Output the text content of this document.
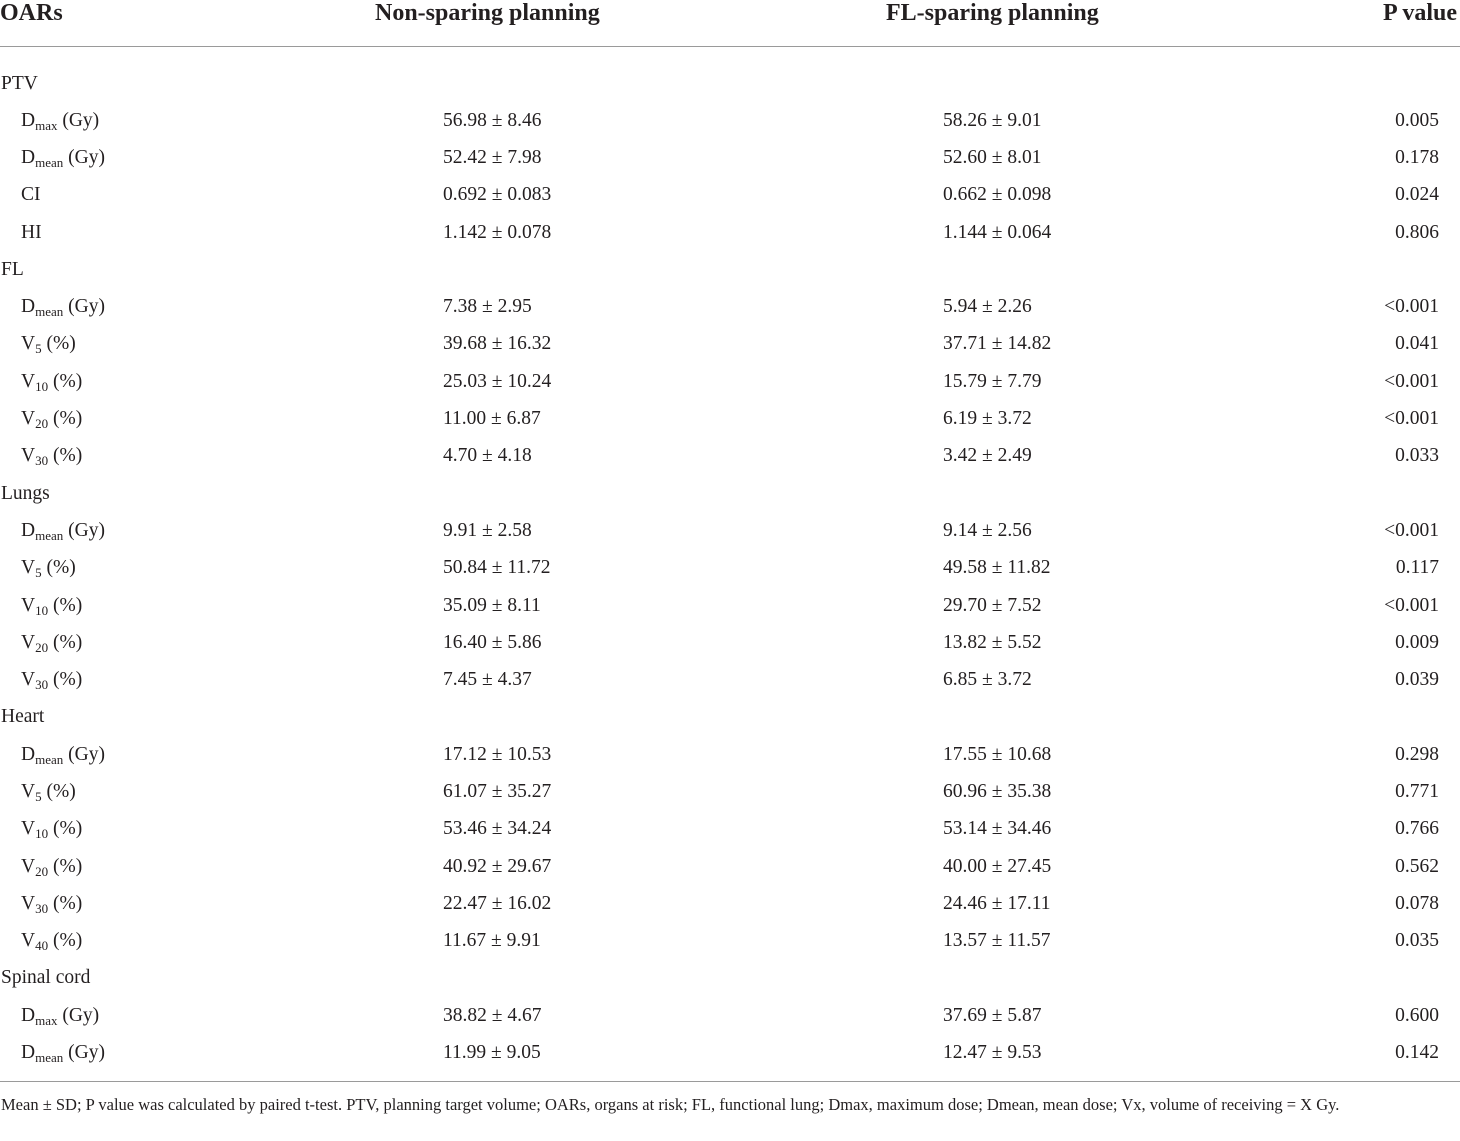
OARs	Non-sparing planning	FL-sparing planning	P value
PTV			
$D_{max}$ (Gy)	56.98 ± 8.46	58.26 ± 9.01	0.005
$D_{mean}$ (Gy)	52.42 ± 7.98	52.60 ± 8.01	0.178
CI	0.692 ± 0.083	0.662 ± 0.098	0.024
HI	1.142 ± 0.078	1.144 ± 0.064	0.806
FL			
$D_{mean}$ (Gy)	7.38 ± 2.95	5.94 ± 2.26	<0.001
$V_5$ (%)	39.68 ± 16.32	37.71 ± 14.82	0.041
$V_{10}$ (%)	25.03 ± 10.24	15.79 ± 7.79	<0.001
$V_{20}$ (%)	11.00 ± 6.87	6.19 ± 3.72	<0.001
$V_{30}$ (%)	4.70 ± 4.18	3.42 ± 2.49	0.033
Lungs			
$D_{mean}$ (Gy)	9.91 ± 2.58	9.14 ± 2.56	<0.001
$V_5$ (%)	50.84 ± 11.72	49.58 ± 11.82	0.117
$V_{10}$ (%)	35.09 ± 8.11	29.70 ± 7.52	<0.001
$V_{20}$ (%)	16.40 ± 5.86	13.82 ± 5.52	0.009
$V_{30}$ (%)	7.45 ± 4.37	6.85 ± 3.72	0.039
Heart			
$D_{mean}$ (Gy)	17.12 ± 10.53	17.55 ± 10.68	0.298
$V_5$ (%)	61.07 ± 35.27	60.96 ± 35.38	0.771
$V_{10}$ (%)	53.46 ± 34.24	53.14 ± 34.46	0.766
$V_{20}$ (%)	40.92 ± 29.67	40.00 ± 27.45	0.562
$V_{30}$ (%)	22.47 ± 16.02	24.46 ± 17.11	0.078
$V_{40}$ (%)	11.67 ± 9.91	13.57 ± 11.57	0.035
Spinal cord			
$D_{max}$ (Gy)	38.82 ± 4.67	37.69 ± 5.87	0.600
$D_{mean}$ (Gy)	11.99 ± 9.05	12.47 ± 9.53	0.142
Mean ± SD; P value was calculated by paired t-test. PTV, planning target volume; OARs, organs at risk; FL, functional lung; Dmax, maximum dose; Dmean, mean dose; Vx, volume of receiving = X Gy.
